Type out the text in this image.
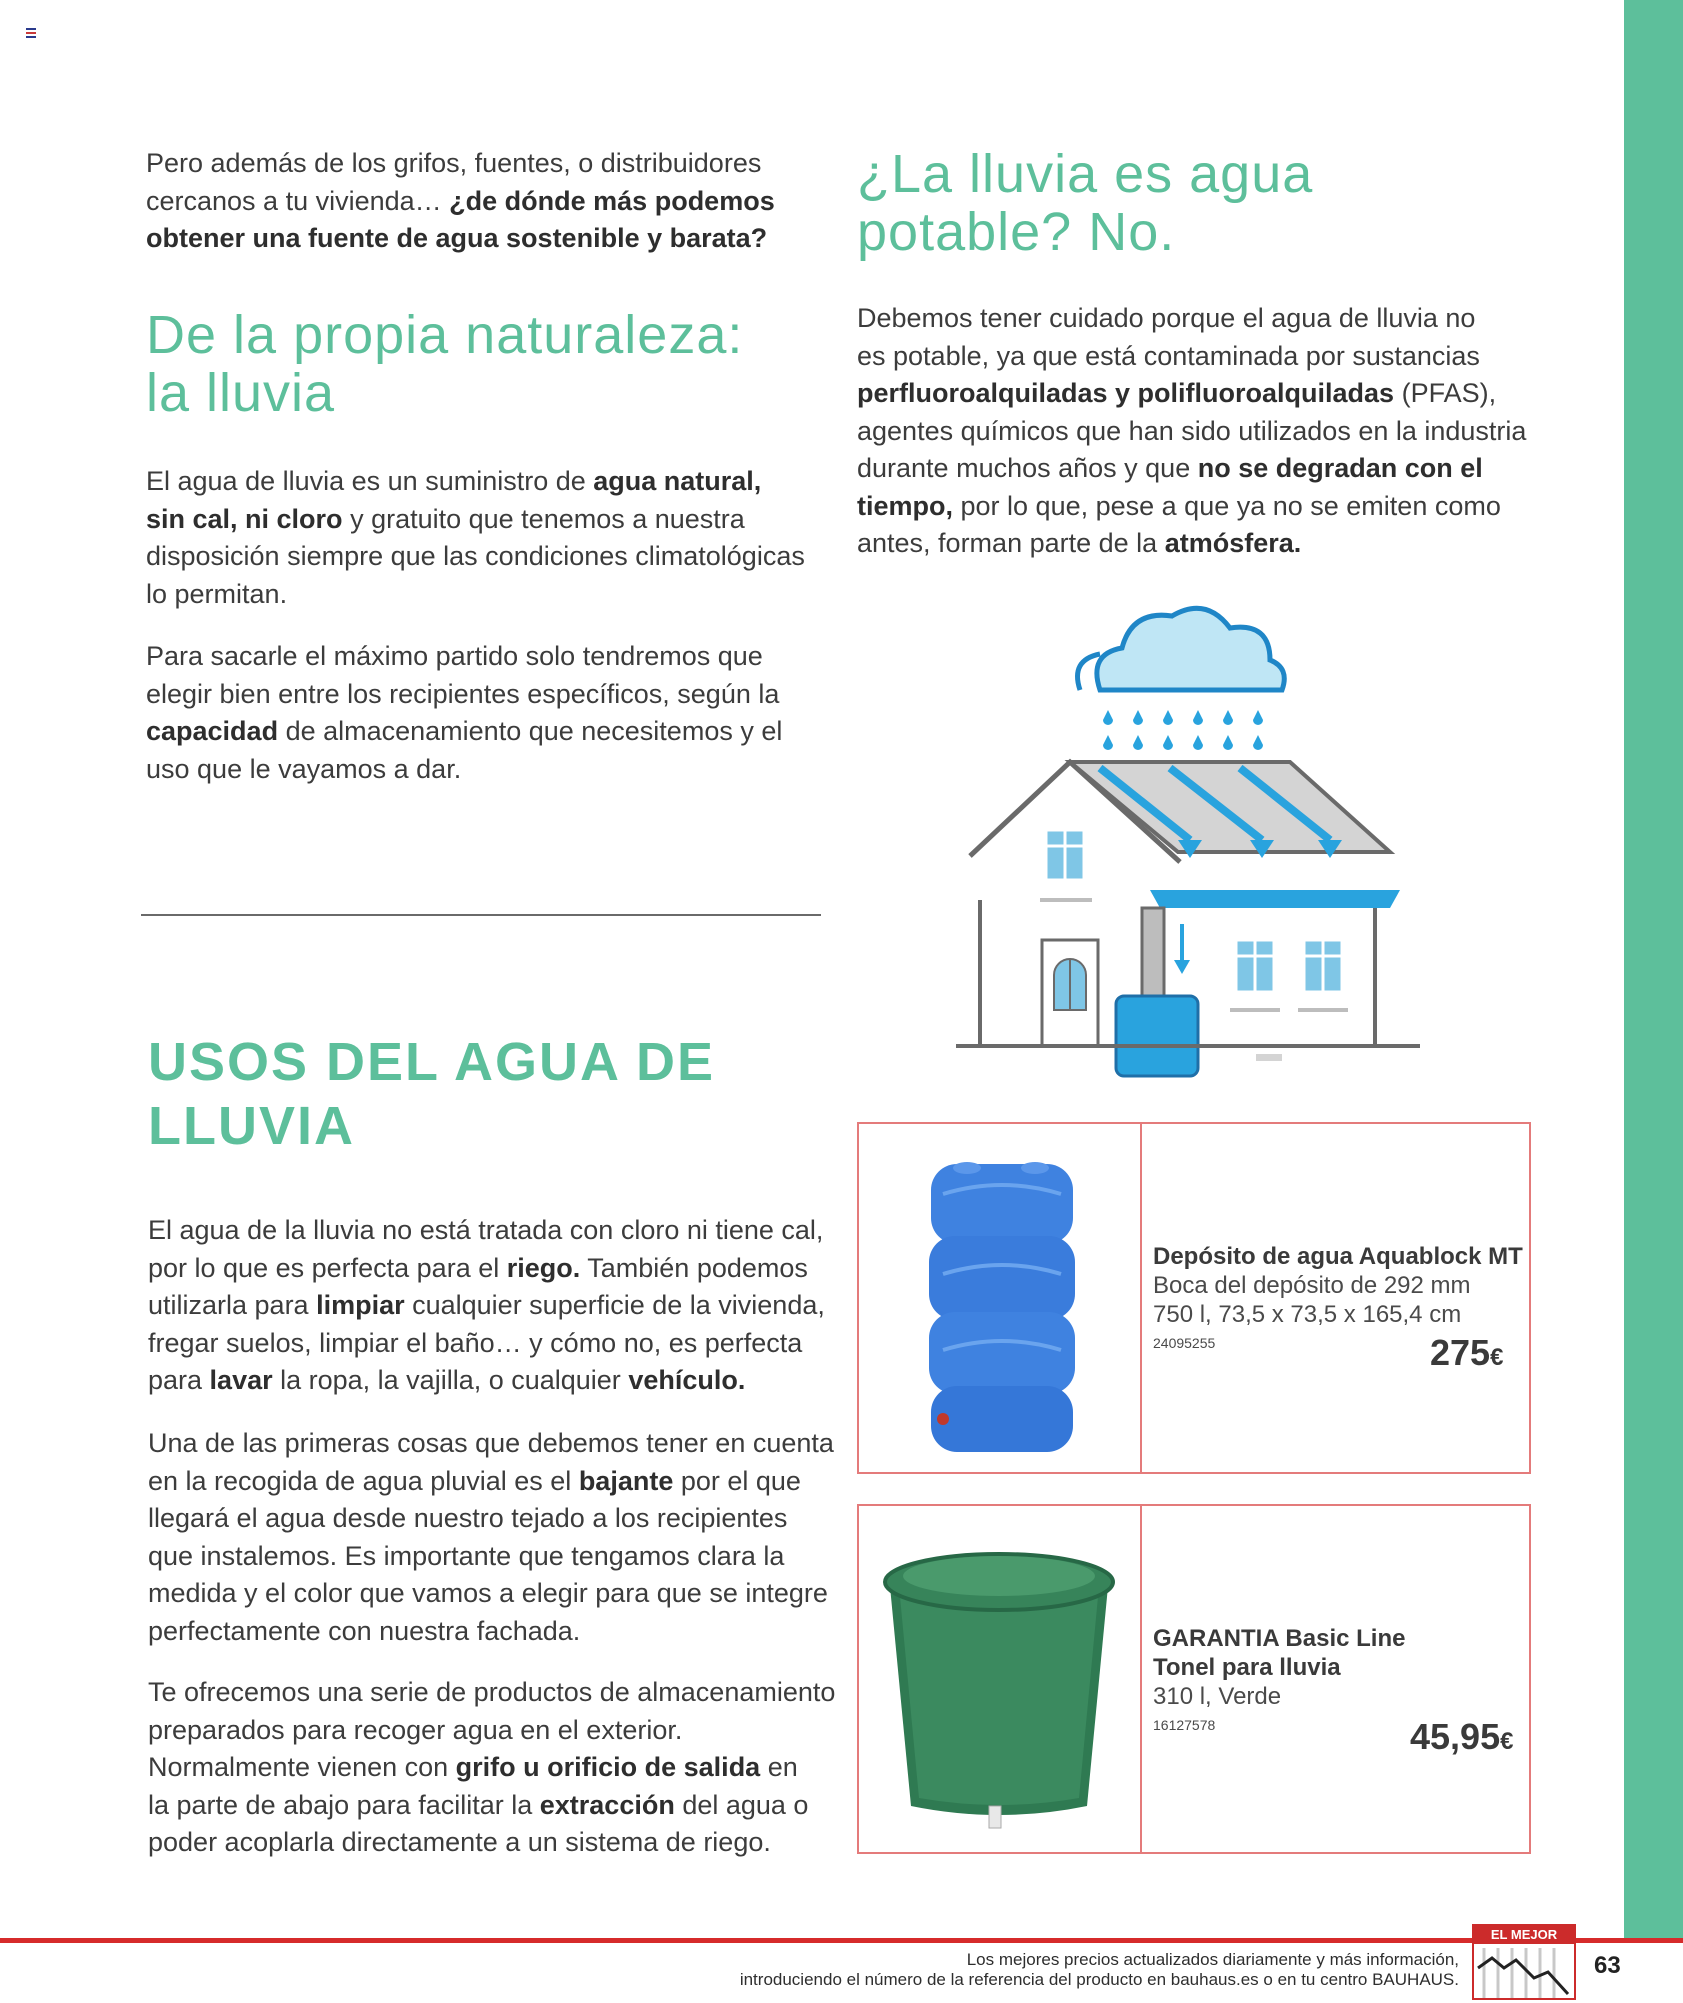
Pero además de los grifos, fuentes, o distribuidores
cercanos a tu vivienda… ¿de dónde más podemos
obtener una fuente de agua sostenible y barata?

De la propia naturaleza:
la lluvia

El agua de lluvia es un suministro de agua natural,
sin cal, ni cloro y gratuito que tenemos a nuestra
disposición siempre que las condiciones climatológicas
lo permitan.

Para sacarle el máximo partido solo tendremos que
elegir bien entre los recipientes específicos, según la
capacidad de almacenamiento que necesitemos y el
uso que le vayamos a dar.

¿La lluvia es agua
potable? No.

Debemos tener cuidado porque el agua de lluvia no
es potable, ya que está contaminada por sustancias
perfluoroalquiladas y polifluoroalquiladas (PFAS),
agentes químicos que han sido utilizados en la industria
durante muchos años y que no se degradan con el
tiempo, por lo que, pese a que ya no se emiten como
antes, forman parte de la atmósfera.

USOS DEL AGUA DE
LLUVIA

El agua de la lluvia no está tratada con cloro ni tiene cal,
por lo que es perfecta para el riego. También podemos
utilizarla para limpiar cualquier superficie de la vivienda,
fregar suelos, limpiar el baño… y cómo no, es perfecta
para lavar la ropa, la vajilla, o cualquier vehículo.

Una de las primeras cosas que debemos tener en cuenta
en la recogida de agua pluvial es el bajante por el que
llegará el agua desde nuestro tejado a los recipientes
que instalemos. Es importante que tengamos clara la
medida y el color que vamos a elegir para que se integre
perfectamente con nuestra fachada.

Te ofrecemos una serie de productos de almacenamiento
preparados para recoger agua en el exterior.
Normalmente vienen con grifo u orificio de salida en
la parte de abajo para facilitar la extracción del agua o
poder acoplarla directamente a un sistema de riego.

Depósito de agua Aquablock MT
Boca del depósito de 292 mm
750 l, 73,5 x 73,5 x 165,4 cm
24095255	275€
GARANTIA Basic Line
Tonel para lluvia
310 l, Verde
16127578	45,95€
Los mejores precios actualizados diariamente y más información,
introduciendo el número de la referencia del producto en bauhaus.es o en tu centro BAUHAUS.
EL MEJOR PRECIO	63
